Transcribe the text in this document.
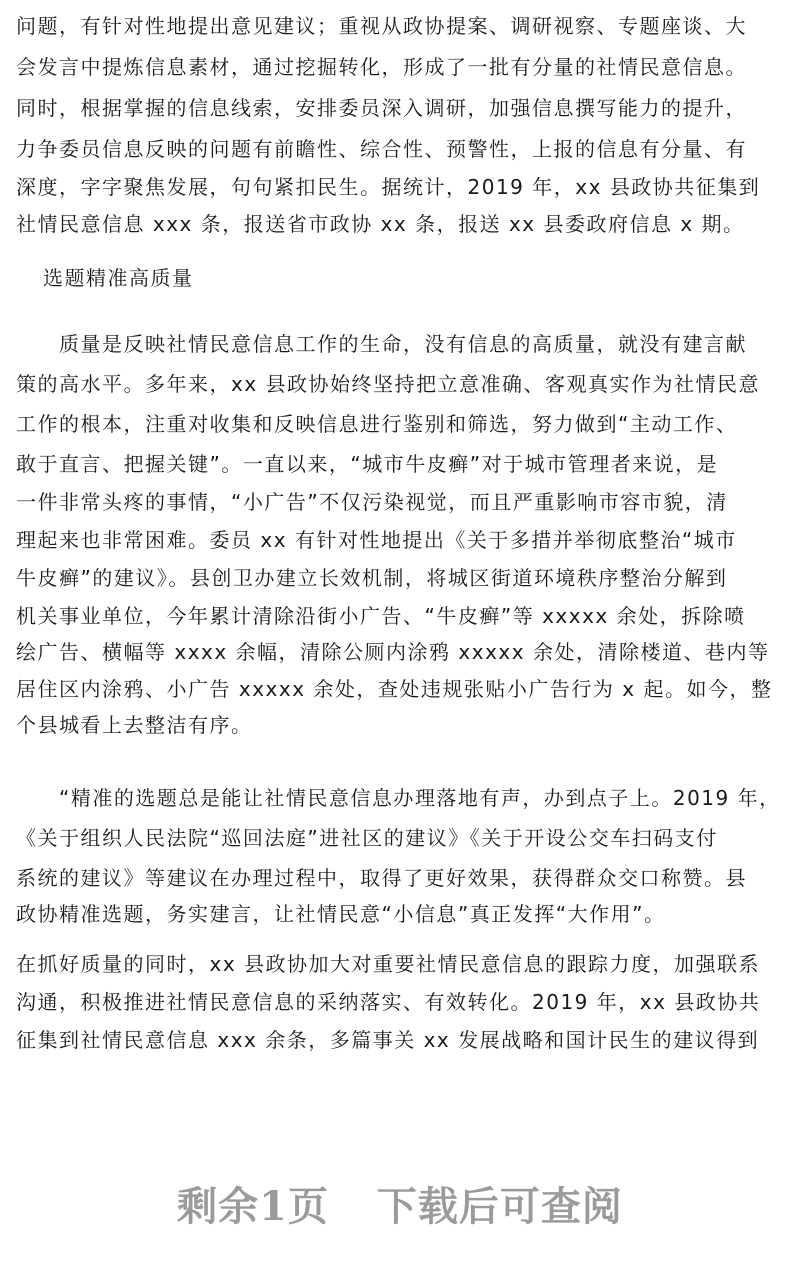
问题，有针对性地提出意见建议；重视从政协提案、调研视察、专题座谈、大
会发言中提炼信息素材，通过挖掘转化，形成了一批有分量的社情民意信息。
同时，根据掌握的信息线索，安排委员深入调研，加强信息撰写能力的提升，
力争委员信息反映的问题有前瞻性、综合性、预警性，上报的信息有分量、有
深度，字字聚焦发展，句句紧扣民生。据统计，2019 年，xx 县政协共征集到
社情民意信息 xxx 条，报送省市政协 xx 条，报送 xx 县委政府信息 x 期。
选题精准高质量
　　质量是反映社情民意信息工作的生命，没有信息的高质量，就没有建言献
策的高水平。多年来，xx 县政协始终坚持把立意准确、客观真实作为社情民意
工作的根本，注重对收集和反映信息进行鉴别和筛选，努力做到“主动工作、
敢于直言、把握关键”。一直以来，“城市牛皮癣”对于城市管理者来说，是
一件非常头疼的事情，“小广告”不仅污染视觉，而且严重影响市容市貌，清
理起来也非常困难。委员 xx 有针对性地提出《关于多措并举彻底整治“城市
牛皮癣”的建议》。县创卫办建立长效机制，将城区街道环境秩序整治分解到
机关事业单位，今年累计清除沿街小广告、“牛皮癣”等 xxxxx 余处，拆除喷
绘广告、横幅等 xxxx 余幅，清除公厕内涂鸦 xxxxx 余处，清除楼道、巷内等
居住区内涂鸦、小广告 xxxxx 余处，查处违规张贴小广告行为 x 起。如今，整
个县城看上去整洁有序。
　　“精准的选题总是能让社情民意信息办理落地有声，办到点子上。2019 年，
《关于组织人民法院“巡回法庭”进社区的建议》《关于开设公交车扫码支付
系统的建议》等建议在办理过程中，取得了更好效果，获得群众交口称赞。县
政协精准选题，务实建言，让社情民意“小信息”真正发挥“大作用”。
在抓好质量的同时，xx 县政协加大对重要社情民意信息的跟踪力度，加强联系
沟通，积极推进社情民意信息的采纳落实、有效转化。2019 年，xx 县政协共
征集到社情民意信息 xxx 余条，多篇事关 xx 发展战略和国计民生的建议得到
剩余1页 下载后可查阅
